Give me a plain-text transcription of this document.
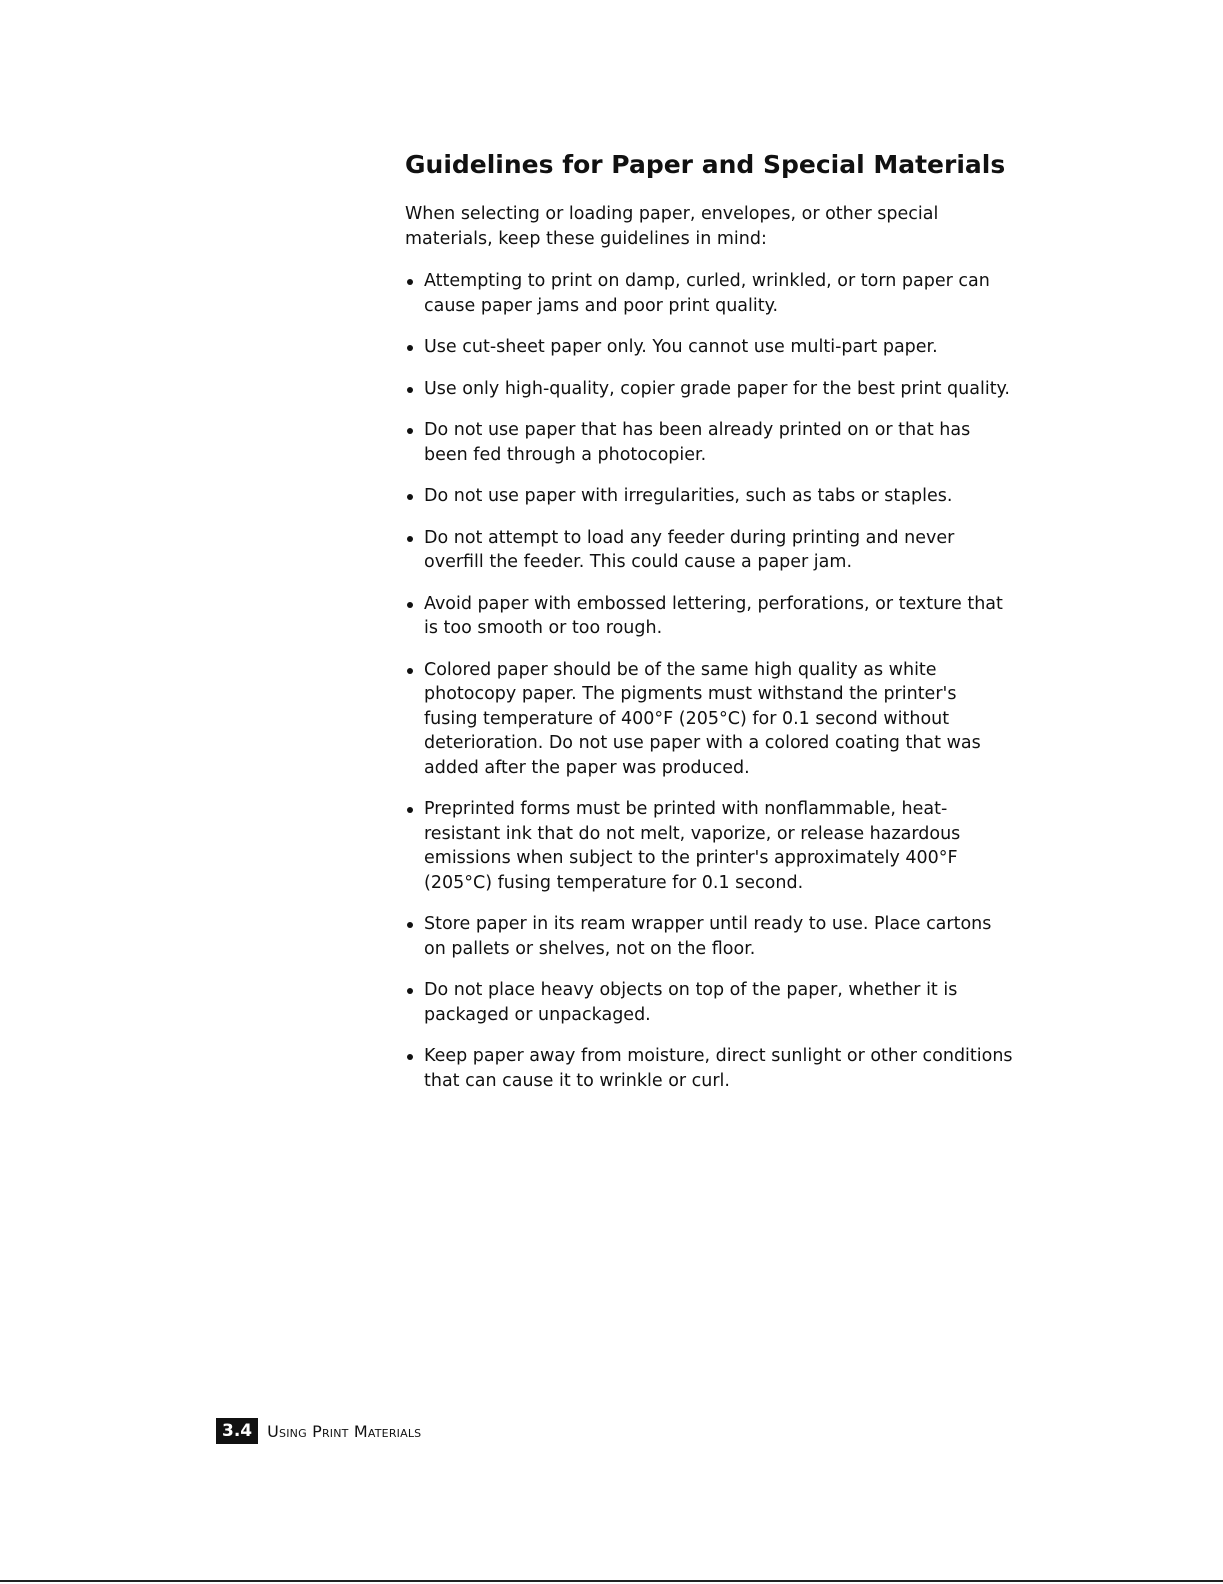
Guidelines for Paper and Special Materials

When selecting or loading paper, envelopes, or other special materials, keep these guidelines in mind:

Attempting to print on damp, curled, wrinkled, or torn paper can cause paper jams and poor print quality.
Use cut-sheet paper only. You cannot use multi-part paper.
Use only high-quality, copier grade paper for the best print quality.
Do not use paper that has been already printed on or that has been fed through a photocopier.
Do not use paper with irregularities, such as tabs or staples.
Do not attempt to load any feeder during printing and never overfill the feeder. This could cause a paper jam.
Avoid paper with embossed lettering, perforations, or texture that is too smooth or too rough.
Colored paper should be of the same high quality as white photocopy paper. The pigments must withstand the printer's fusing temperature of 400°F (205°C) for 0.1 second without deterioration. Do not use paper with a colored coating that was added after the paper was produced.
Preprinted forms must be printed with nonflammable, heat-resistant ink that do not melt, vaporize, or release hazardous emissions when subject to the printer's approximately 400°F (205°C) fusing temperature for 0.1 second.
Store paper in its ream wrapper until ready to use. Place cartons on pallets or shelves, not on the floor.
Do not place heavy objects on top of the paper, whether it is packaged or unpackaged.
Keep paper away from moisture, direct sunlight or other conditions that can cause it to wrinkle or curl.
3.4 Using Print Materials
